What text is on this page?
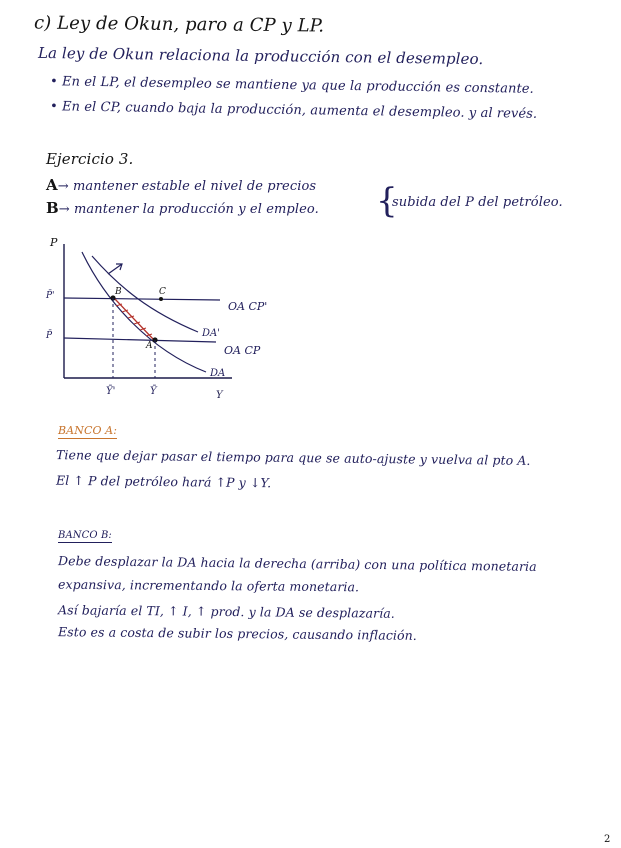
c) Ley de Okun, paro a CP y LP.
La ley de Okun relaciona la producción con el desempleo.
• En el LP, el desempleo se mantiene ya que la producción es constante.
• En el CP, cuando baja la producción, aumenta el desempleo. y al revés.
Ejercicio 3.
A→ mantener estable el nivel de precios
B→ mantener la producción y el empleo. {
subida del P del petróleo.
P
Y
OA CP'
OA CP
DA'
DA
B	C
A
P̄'
P̄
Ȳ'	Ȳ
BANCO A:
Tiene que dejar pasar el tiempo para que se auto-ajuste y vuelva al pto A.
El ↑ P del petróleo hará ↑P y ↓Y.
BANCO B:
Debe desplazar la DA hacia la derecha (arriba) con una política monetaria
expansiva, incrementando la oferta monetaria.
Así bajaría el TI, ↑ I, ↑ prod. y la DA se desplazaría.
Esto es a costa de subir los precios, causando inflación.
2
